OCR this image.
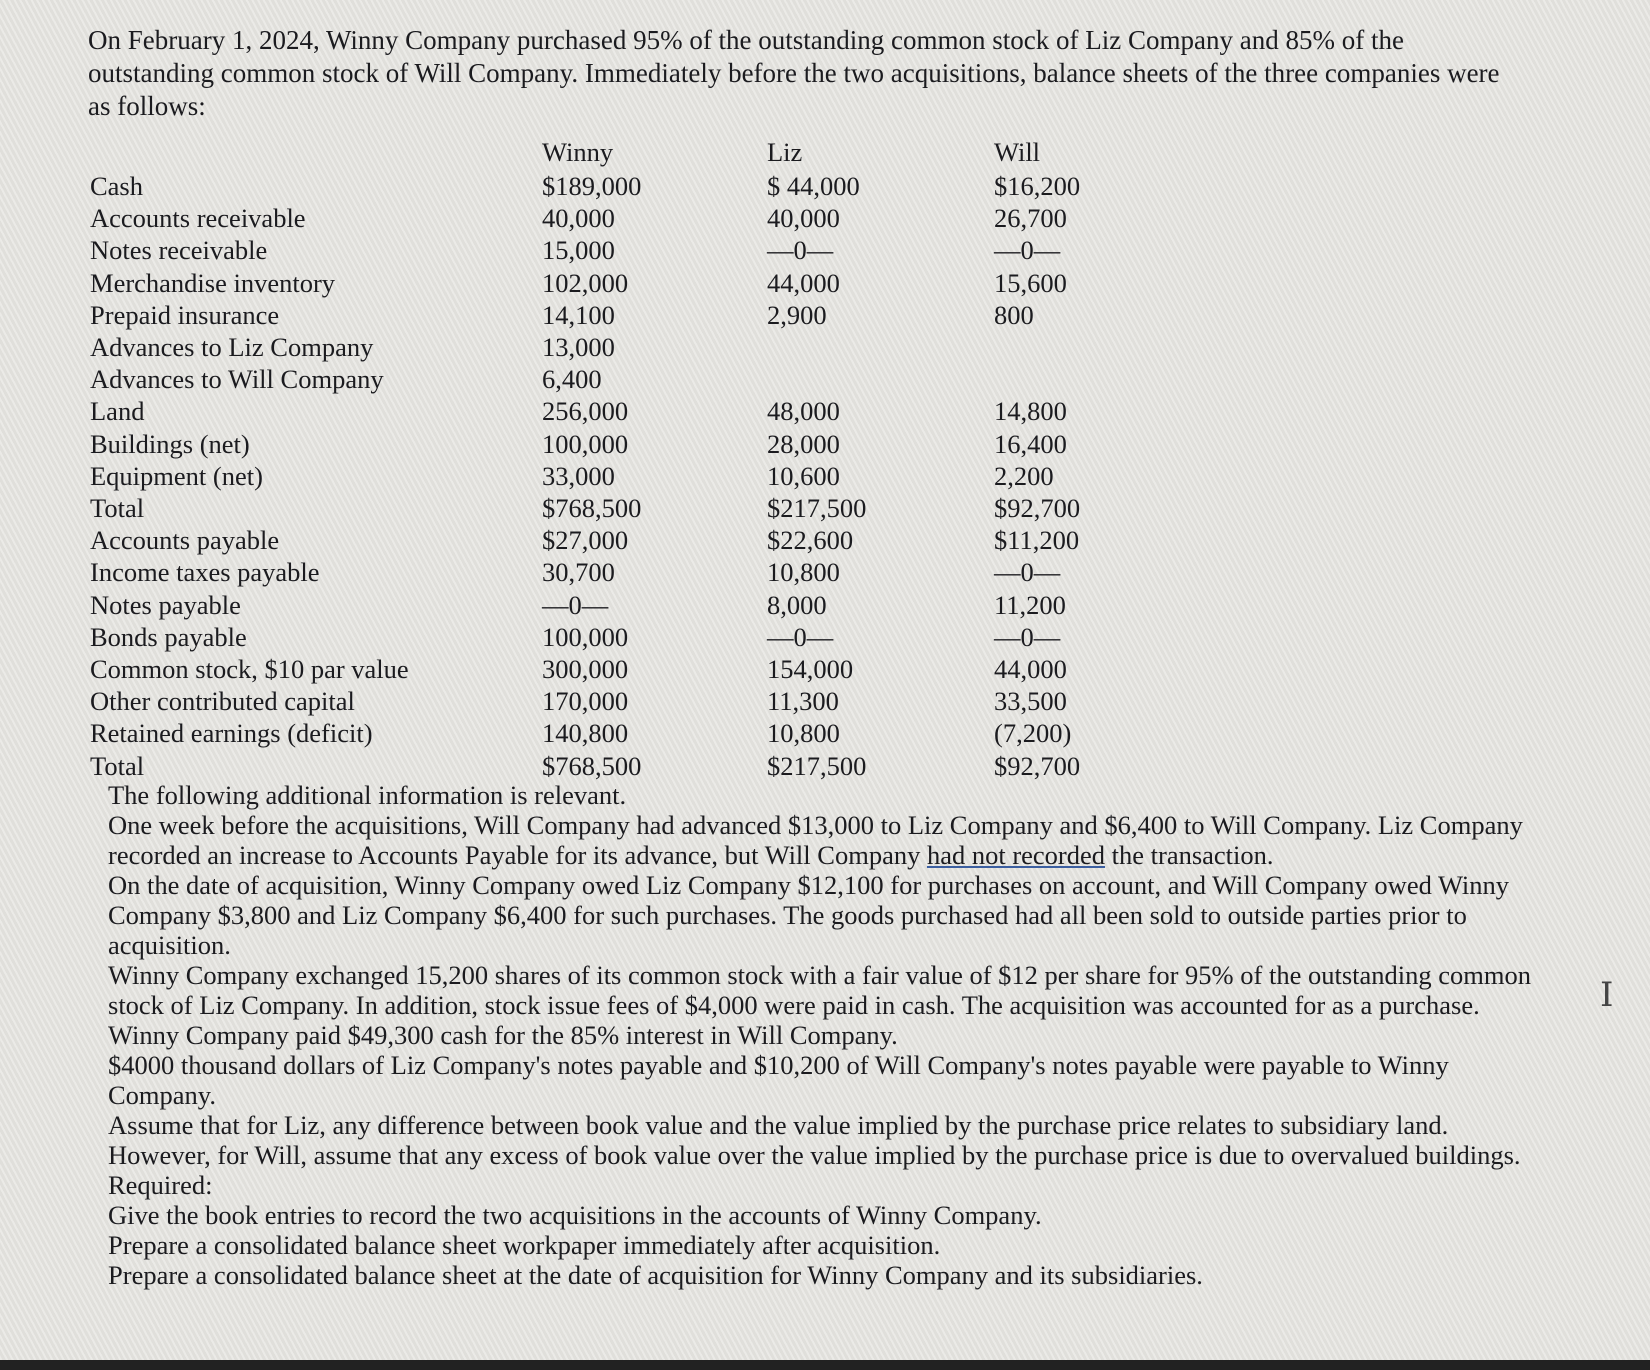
On February 1, 2024, Winny Company purchased 95% of the outstanding common stock of Liz Company and 85% of the outstanding common stock of Will Company. Immediately before the two acquisitions, balance sheets of the three companies were as follows:

	Winny	Liz	Will
Cash	$189,000	$ 44,000	$16,200
Accounts receivable	40,000	40,000	26,700
Notes receivable	15,000	—0—	—0—
Merchandise inventory	102,000	44,000	15,600
Prepaid insurance	14,100	2,900	800
Advances to Liz Company	13,000		
Advances to Will Company	6,400		
Land	256,000	48,000	14,800
Buildings (net)	100,000	28,000	16,400
Equipment (net)	33,000	10,600	2,200
Total	$768,500	$217,500	$92,700
Accounts payable	$27,000	$22,600	$11,200
Income taxes payable	30,700	10,800	—0—
Notes payable	—0—	8,000	11,200
Bonds payable	100,000	—0—	—0—
Common stock, $10 par value	300,000	154,000	44,000
Other contributed capital	170,000	11,300	33,500
Retained earnings (deficit)	140,800	10,800	(7,200)
Total	$768,500	$217,500	$92,700

The following additional information is relevant.

One week before the acquisitions, Will Company had advanced $13,000 to Liz Company and $6,400 to Will Company. Liz Company recorded an increase to Accounts Payable for its advance, but Will Company had not recorded the transaction.

On the date of acquisition, Winny Company owed Liz Company $12,100 for purchases on account, and Will Company owed Winny Company $3,800 and Liz Company $6,400 for such purchases. The goods purchased had all been sold to outside parties prior to acquisition.

Winny Company exchanged 15,200 shares of its common stock with a fair value of $12 per share for 95% of the outstanding common stock of Liz Company. In addition, stock issue fees of $4,000 were paid in cash. The acquisition was accounted for as a purchase.

Winny Company paid $49,300 cash for the 85% interest in Will Company.

$4000 thousand dollars of Liz Company's notes payable and $10,200 of Will Company's notes payable were payable to Winny Company.

Assume that for Liz, any difference between book value and the value implied by the purchase price relates to subsidiary land. However, for Will, assume that any excess of book value over the value implied by the purchase price is due to overvalued buildings.

Required:

Give the book entries to record the two acquisitions in the accounts of Winny Company.

Prepare a consolidated balance sheet workpaper immediately after acquisition.

Prepare a consolidated balance sheet at the date of acquisition for Winny Company and its subsidiaries.

I
